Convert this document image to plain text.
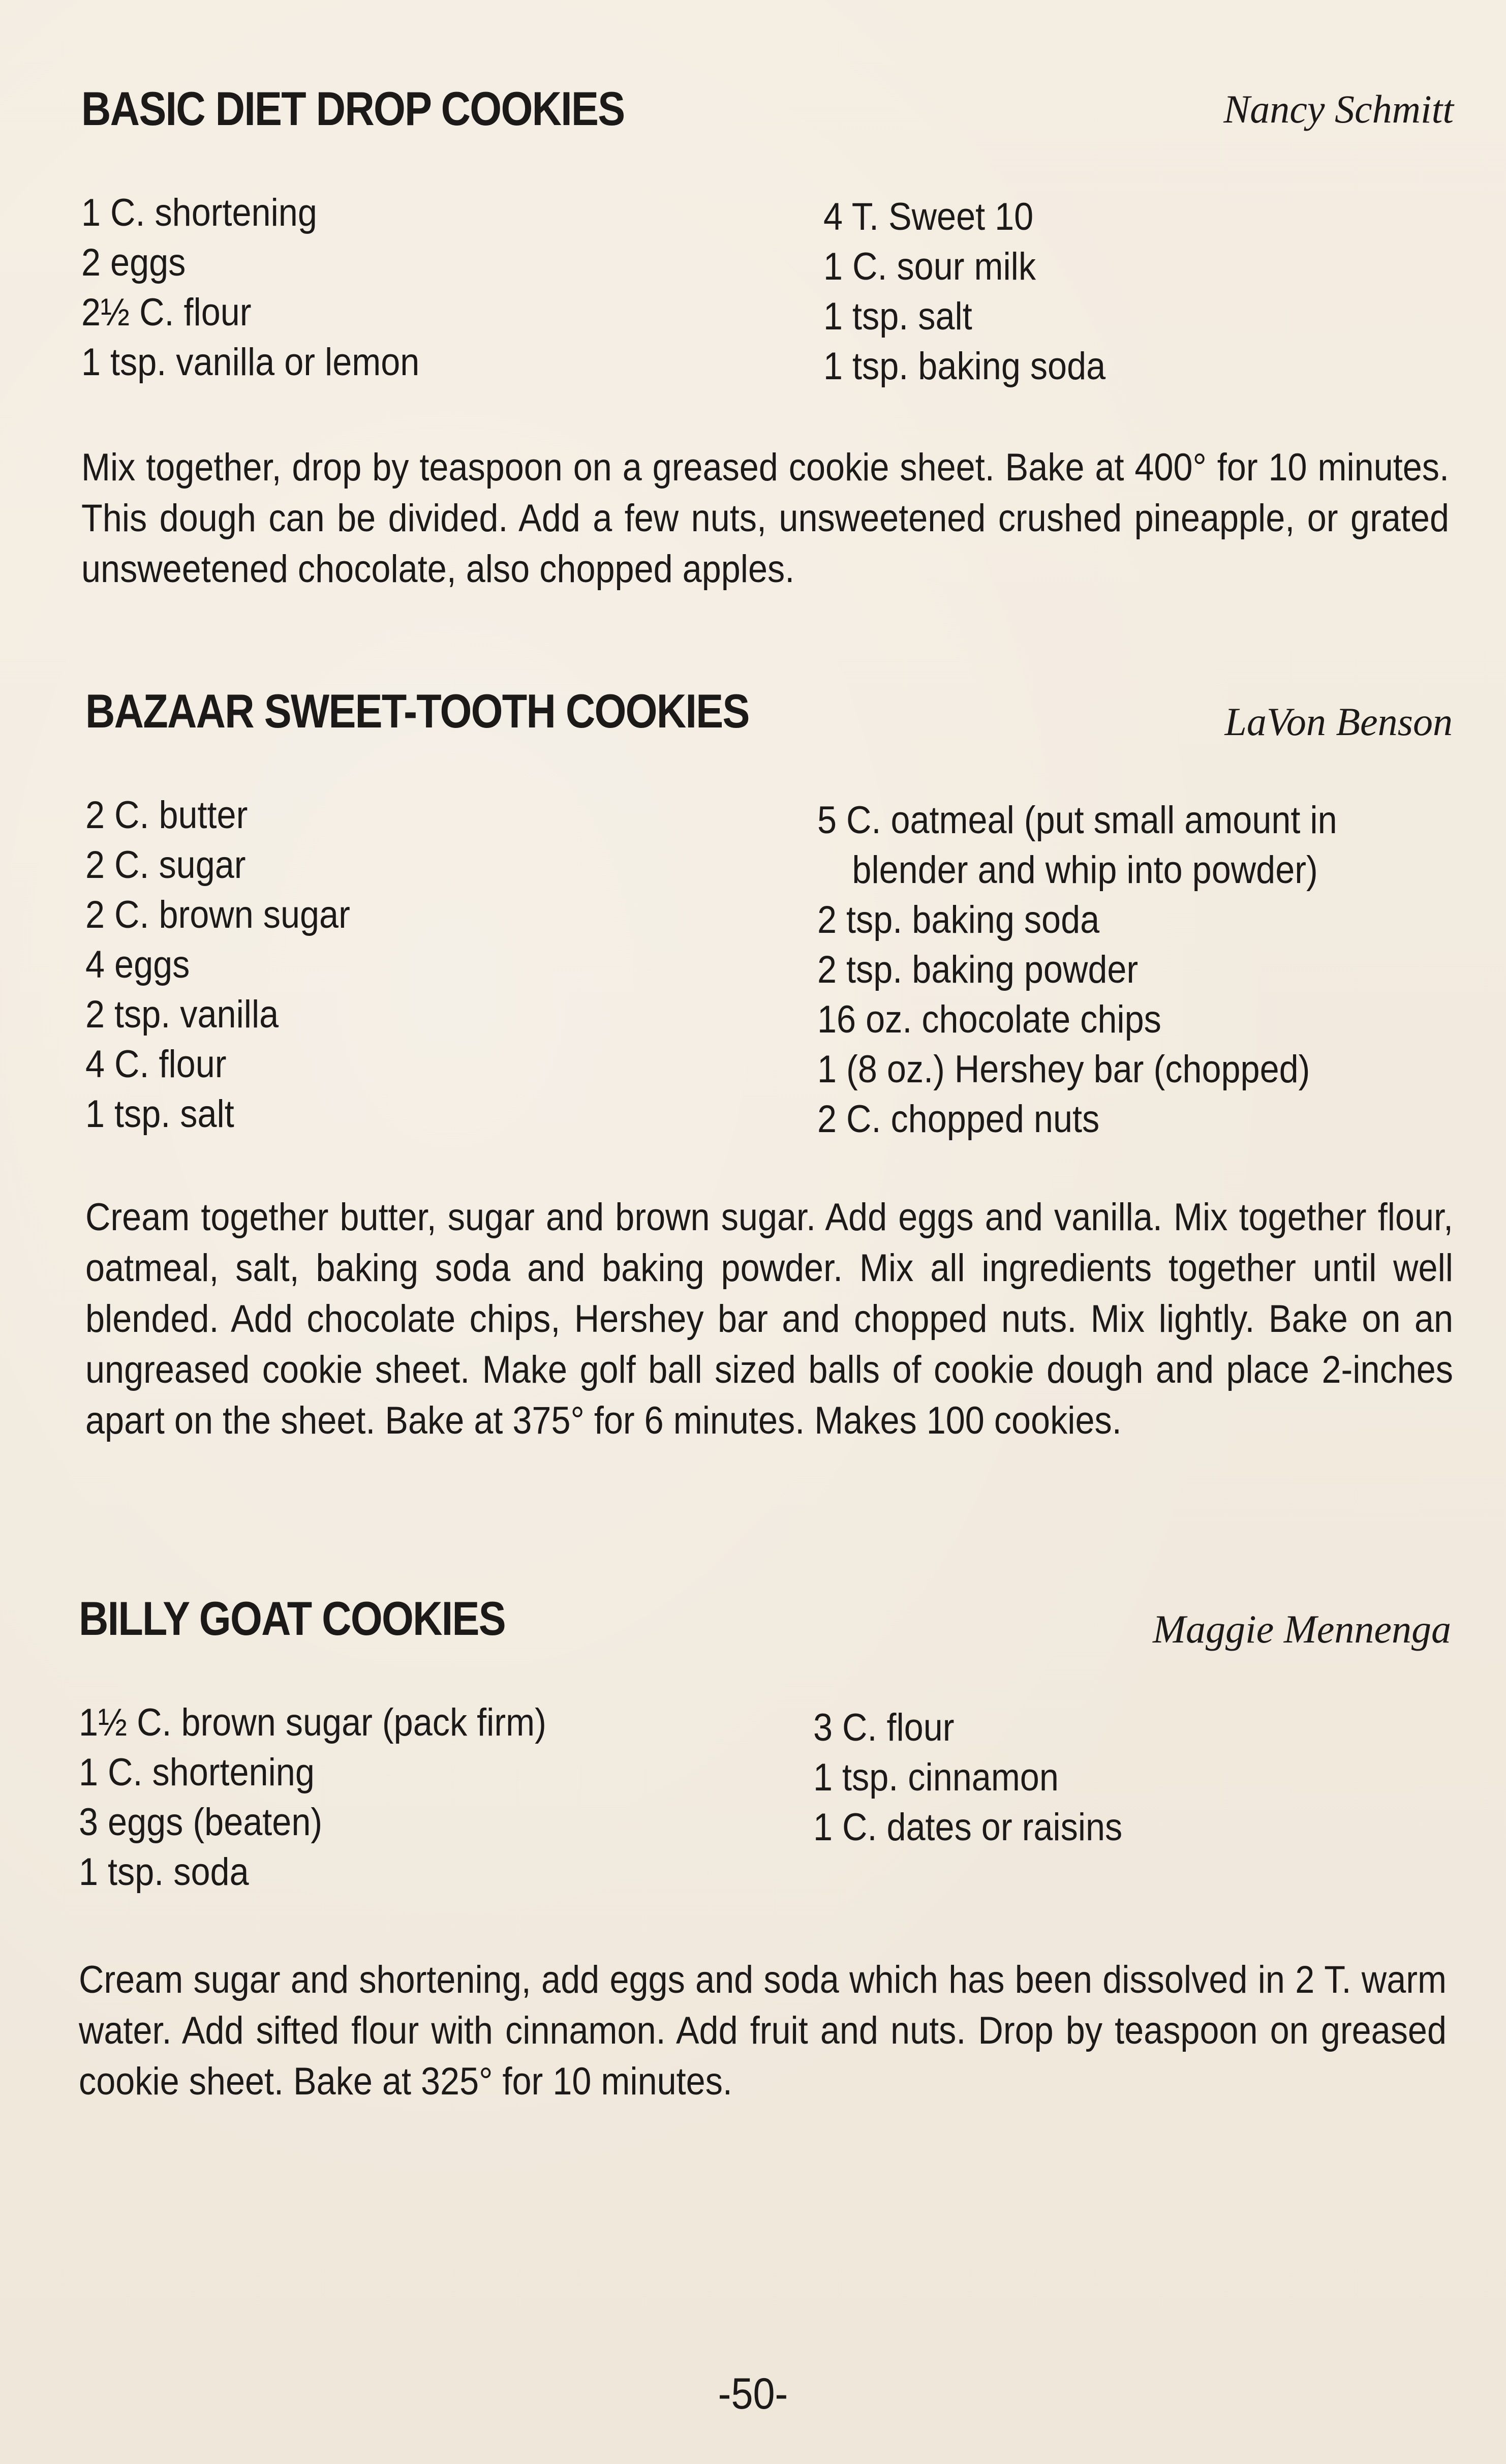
BASIC DIET DROP COOKIES	Nancy Schmitt
1 C. shortening
2 eggs
2½ C. flour
1 tsp. vanilla or lemon
4 T. Sweet 10
1 C. sour milk
1 tsp. salt
1 tsp. baking soda
Mix together, drop by teaspoon on a greased cookie sheet. Bake at 400° for 10 minutes. This dough can be divided. Add a few nuts, unsweetened crushed pineapple, or grated unsweetened chocolate, also chopped apples.
BAZAAR SWEET-TOOTH COOKIES	LaVon Benson
2 C. butter
2 C. sugar
2 C. brown sugar
4 eggs
2 tsp. vanilla
4 C. flour
1 tsp. salt
5 C. oatmeal (put small amount in
blender and whip into powder)
2 tsp. baking soda
2 tsp. baking powder
16 oz. chocolate chips
1 (8 oz.) Hershey bar (chopped)
2 C. chopped nuts
Cream together butter, sugar and brown sugar. Add eggs and vanilla. Mix together flour, oatmeal, salt, baking soda and baking powder. Mix all ingredients together until well blended. Add chocolate chips, Hershey bar and chopped nuts. Mix lightly. Bake on an ungreased cookie sheet. Make golf ball sized balls of cookie dough and place 2-inches apart on the sheet. Bake at 375° for 6 minutes. Makes 100 cookies.
BILLY GOAT COOKIES	Maggie Mennenga
1½ C. brown sugar (pack firm)
1 C. shortening
3 eggs (beaten)
1 tsp. soda
3 C. flour
1 tsp. cinnamon
1 C. dates or raisins
Cream sugar and shortening, add eggs and soda which has been dissolved in 2 T. warm water. Add sifted flour with cinnamon. Add fruit and nuts. Drop by teaspoon on greased cookie sheet. Bake at 325° for 10 minutes.
-50-
